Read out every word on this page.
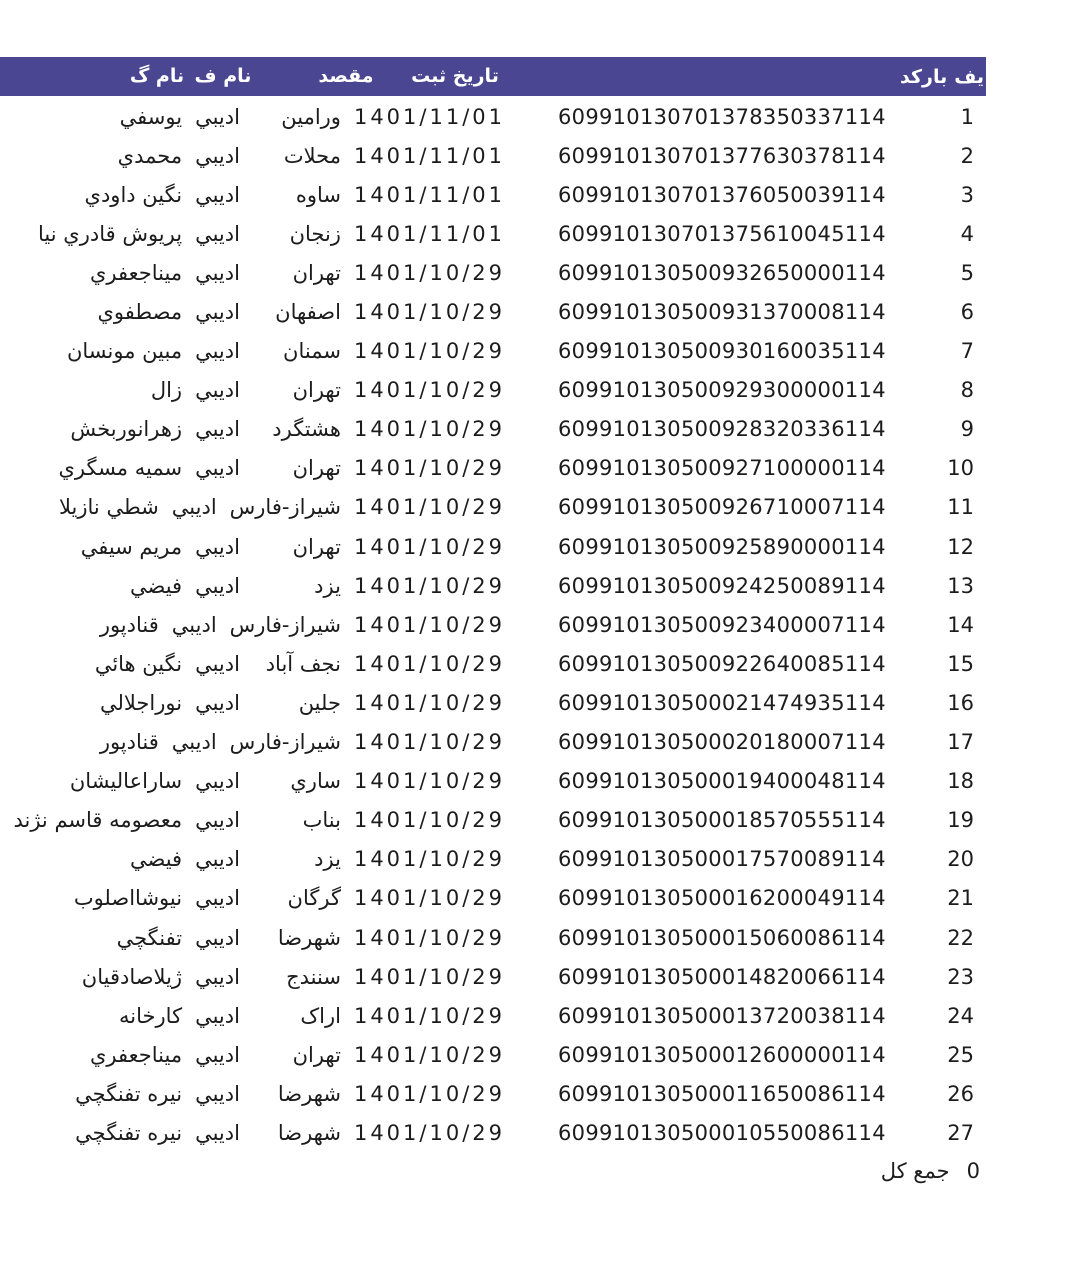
نام گ نام ف	مقصد تاريخ ثبت	يف
باركد
1
609910130701378350337114
1401/11/01
ورامين
اديبي
يوسفي
2
609910130701377630378114
1401/11/01
محلات
اديبي
محمدي
3
609910130701376050039114
1401/11/01
ساوه
اديبي
نگين داودي
4
609910130701375610045114
1401/11/01
زنجان
اديبي
پريوش قادري نيا
5
609910130500932650000114
1401/10/29
تهران
اديبي
ميناجعفري
6
609910130500931370008114
1401/10/29
اصفهان
اديبي
مصطفوي
7
609910130500930160035114
1401/10/29
سمنان
اديبي
مبين مونسان
8
609910130500929300000114
1401/10/29
تهران
اديبي
زال
9
609910130500928320336114
1401/10/29
هشتگرد
اديبي
زهرانوربخش
10
609910130500927100000114
1401/10/29
تهران
اديبي
سميه مسگري
11
609910130500926710007114
1401/10/29
شيراز-فارس
اديبي
شطي نازيلا
12
609910130500925890000114
1401/10/29
تهران
اديبي
مريم سيفي
13
609910130500924250089114
1401/10/29
يزد
اديبي
فيضي
14
609910130500923400007114
1401/10/29
شيراز-فارس
اديبي
قنادپور
15
609910130500922640085114
1401/10/29
نجف آباد
اديبي
نگين هائي
16
609910130500021474935114
1401/10/29
جلين
اديبي
نوراجلالي
17
609910130500020180007114
1401/10/29
شيراز-فارس
اديبي
قنادپور
18
609910130500019400048114
1401/10/29
ساري
اديبي
ساراعاليشان
19
609910130500018570555114
1401/10/29
بناب
اديبي
معصومه قاسم نژند
20
609910130500017570089114
1401/10/29
يزد
اديبي
فيضي
21
609910130500016200049114
1401/10/29
گرگان
اديبي
نيوشااصلوب
22
609910130500015060086114
1401/10/29
شهرضا
اديبي
تفنگچي
23
609910130500014820066114
1401/10/29
سنندج
اديبي
ژيلاصادقيان
24
609910130500013720038114
1401/10/29
اراک
اديبي
كارخانه
25
609910130500012600000114
1401/10/29
تهران
اديبي
ميناجعفري
26
609910130500011650086114
1401/10/29
شهرضا
اديبي
نيره تفنگچي
27
609910130500010550086114
1401/10/29
شهرضا
اديبي
نيره تفنگچي
0
جمع كل
